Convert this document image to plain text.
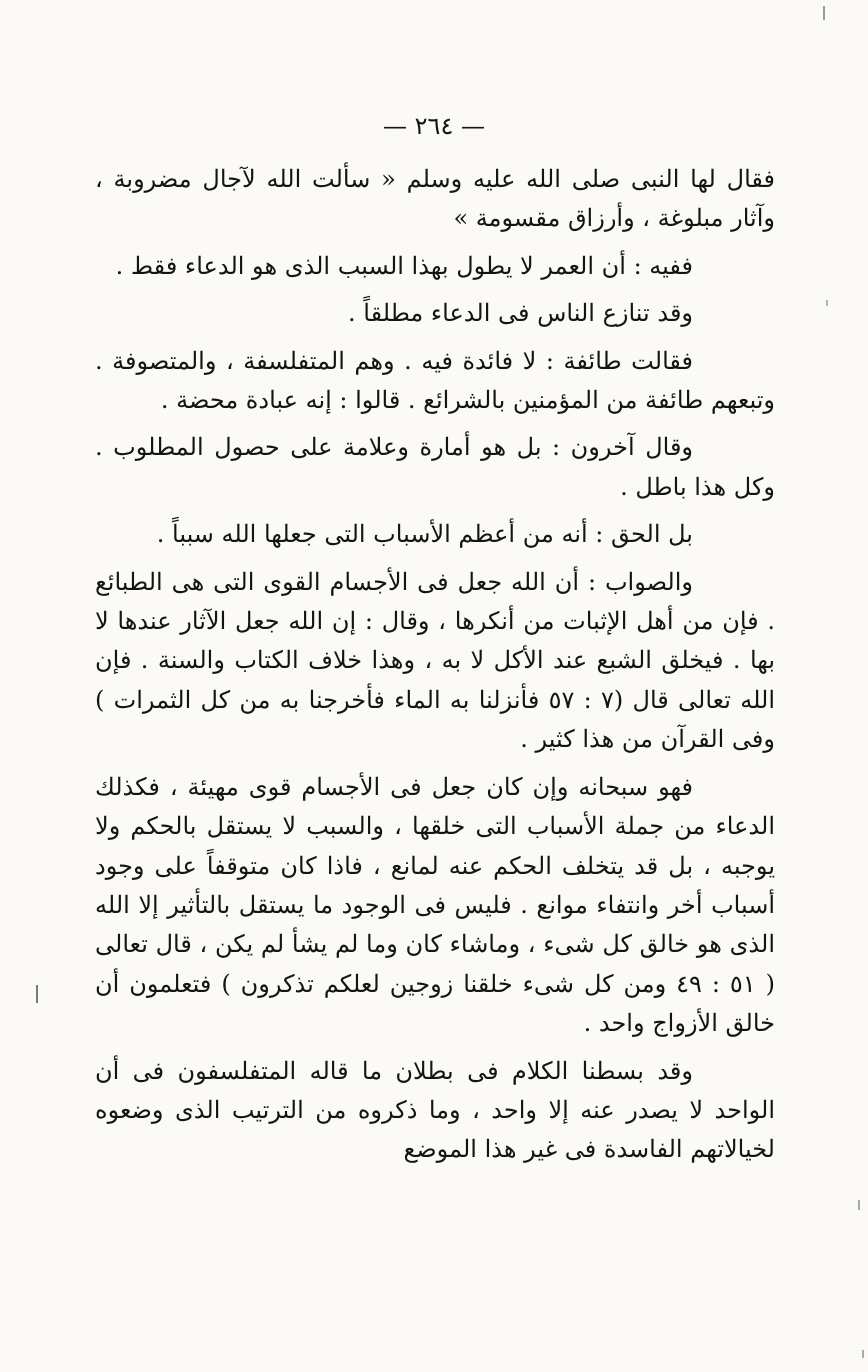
— ٢٦٤ —

فقال لها النبى صلى الله عليه وسلم « سألت الله لآجال مضروبة ، وآثار مبلوغة ، وأرزاق مقسومة »

ففيه : أن العمر لا يطول بهذا السبب الذى هو الدعاء فقط .

وقد تنازع الناس فى الدعاء مطلقاً .

فقالت طائفة : لا فائدة فيه . وهم المتفلسفة ، والمتصوفة . وتبعهم طائفة من المؤمنين بالشرائع . قالوا : إنه عبادة محضة .

وقال آخرون : بل هو أمارة وعلامة على حصول المطلوب . وكل هذا باطل .

بل الحق : أنه من أعظم الأسباب التى جعلها الله سبباً .

والصواب : أن الله جعل فى الأجسام القوى التى هى الطبائع . فإن من أهل الإثبات من أنكرها ، وقال : إن الله جعل الآثار عندها لا بها . فيخلق الشبع عند الأكل لا به ، وهذا خلاف الكتاب والسنة . فإن الله تعالى قال (٧ : ٥٧ فأنزلنا به الماء فأخرجنا به من كل الثمرات ) وفى القرآن من هذا كثير .

فهو سبحانه وإن كان جعل فى الأجسام قوى مهيئة ، فكذلك الدعاء من جملة الأسباب التى خلقها ، والسبب لا يستقل بالحكم ولا يوجبه ، بل قد يتخلف الحكم عنه لمانع ، فاذا كان متوقفاً على وجود أسباب أخر وانتفاء موانع . فليس فى الوجود ما يستقل بالتأثير إلا الله الذى هو خالق كل شىء ، وماشاء كان وما لم يشأ لم يكن ، قال تعالى ( ٥١ : ٤٩ ومن كل شىء خلقنا زوجين لعلكم تذكرون ) فتعلمون أن خالق الأزواج واحد .

وقد بسطنا الكلام فى بطلان ما قاله المتفلسفون فى أن الواحد لا يصدر عنه إلا واحد ، وما ذكروه من الترتيب الذى وضعوه لخيالاتهم الفاسدة فى غير هذا الموضع
